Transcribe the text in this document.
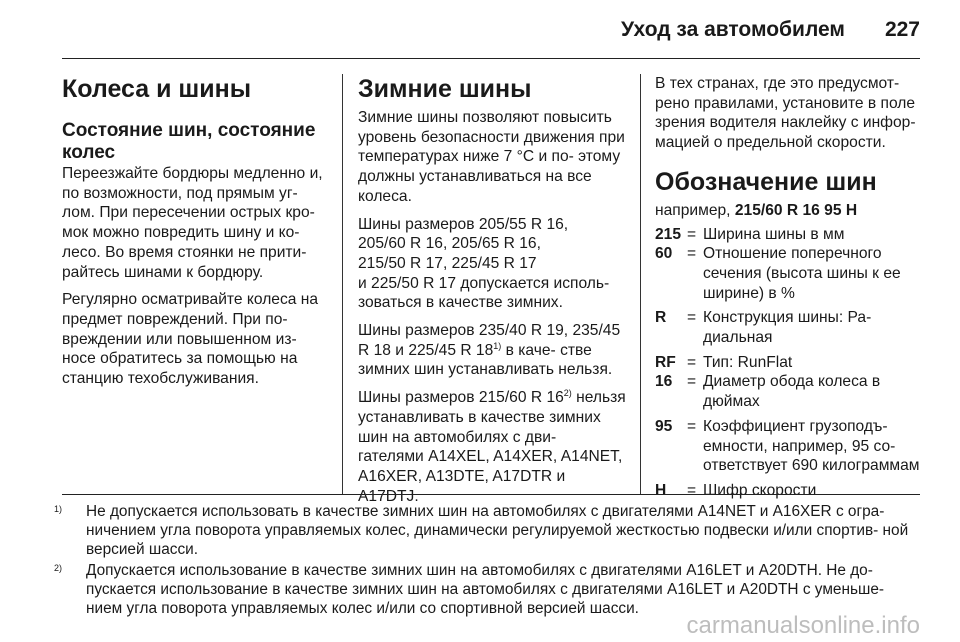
Уход за автомобилем 227
Колеса и шины
Состояние шин, состояние колес

Переезжайте бордюры медленно и, по возможности, под прямым уг- лом. При пересечении острых кро- мок можно повредить шину и ко- лесо. Во время стоянки не прити- райтесь шинами к бордюру.

Регулярно осматривайте колеса на предмет повреждений. При по- вреждении или повышенном из- носе обратитесь за помощью на станцию техобслуживания.

Зимние шины

Зимние шины позволяют повысить уровень безопасности движения при температурах ниже 7 °С и по- этому должны устанавливаться на все колеса.

Шины размеров 205/55 R 16,
205/60 R 16, 205/65 R 16,
215/50 R 17, 225/45 R 17
и 225/50 R 17 допускается исполь- зоваться в качестве зимних.

Шины размеров 235/40 R 19, 235/45 R 18 и 225/45 R 18$^{1)}$ в каче- стве зимних шин устанавливать нельзя.

Шины размеров 215/60 R 16$^{2)}$ нельзя устанавливать в качестве зимних шин на автомобилях с дви- гателями A14XEL, A14XER, A14NET, A16XER, A13DTE, A17DTR и A17DTJ.

В тех странах, где это предусмот- рено правилами, установите в поле зрения водителя наклейку с инфор- мацией о предельной скорости.

Обозначение шин
например, 215/60 R 16 95 H
215	=	Ширина шины в мм
60	=	Отношение поперечного сечения (высота шины к ее ширине) в %
R	=	Конструкция шины: Ра- диальная
RF	=	Тип: RunFlat
16	=	Диаметр обода колеса в дюймах
95	=	Коэффициент грузоподъ- емности, например, 95 со- ответствует 690 килограммам
H	=	Шифр скорости
1) Не допускается использовать в качестве зимних шин на автомобилях с двигателями A14NET и A16XER с огра- ничением угла поворота управляемых колес, динамически регулируемой жесткостью подвески и/или спортив- ной версией шасси.
2) Допускается использование в качестве зимних шин на автомобилях с двигателями A16LET и A20DTH. Не до- пускается использование в качестве зимних шин на автомобилях с двигателями A16LET и A20DTH с уменьше- нием угла поворота управляемых колес и/или со спортивной версией шасси.
carmanualsonline.info
